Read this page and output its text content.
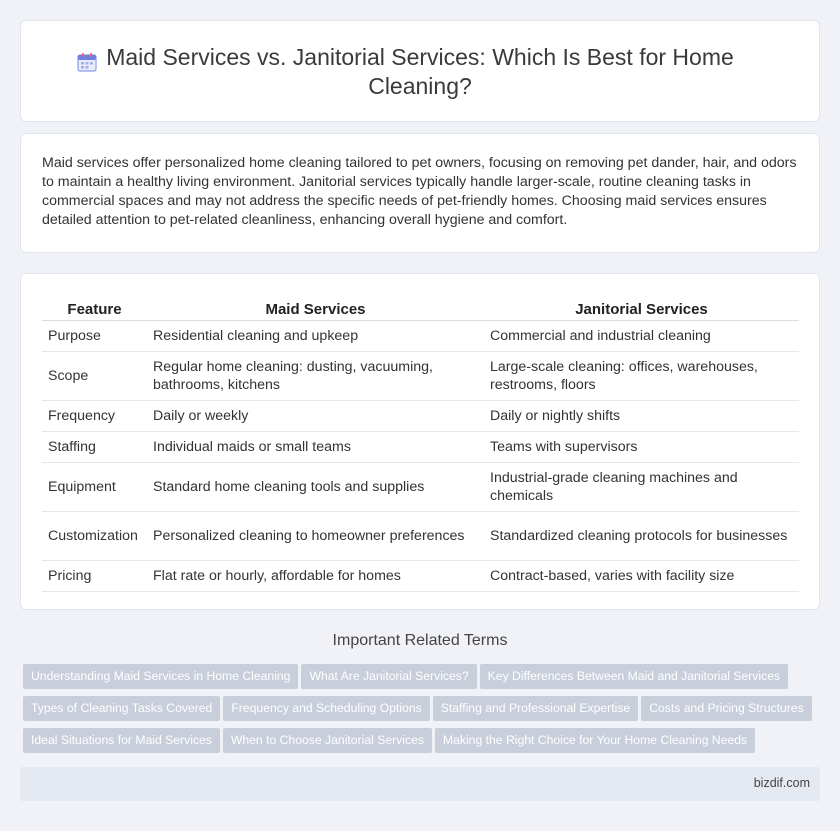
Maid Services vs. Janitorial Services: Which Is Best for Home Cleaning?

Maid services offer personalized home cleaning tailored to pet owners, focusing on removing pet dander, hair, and odors to maintain a healthy living environment. Janitorial services typically handle larger-scale, routine cleaning tasks in commercial spaces and may not address the specific needs of pet-friendly homes. Choosing maid services ensures detailed attention to pet-related cleanliness, enhancing overall hygiene and comfort.

Feature	Maid Services	Janitorial Services
Purpose	Residential cleaning and upkeep	Commercial and industrial cleaning
Scope	Regular home cleaning: dusting, vacuuming, bathrooms, kitchens	Large-scale cleaning: offices, warehouses, restrooms, floors
Frequency	Daily or weekly	Daily or nightly shifts
Staffing	Individual maids or small teams	Teams with supervisors
Equipment	Standard home cleaning tools and supplies	Industrial-grade cleaning machines and chemicals
Customization	Personalized cleaning to homeowner preferences	Standardized cleaning protocols for businesses
Pricing	Flat rate or hourly, affordable for homes	Contract-based, varies with facility size
Important Related Terms
Understanding Maid Services in Home Cleaning What Are Janitorial Services? Key Differences Between Maid and Janitorial Services
Types of Cleaning Tasks Covered Frequency and Scheduling Options Staffing and Professional Expertise Costs and Pricing Structures
Ideal Situations for Maid Services When to Choose Janitorial Services Making the Right Choice for Your Home Cleaning Needs
bizdif.com
